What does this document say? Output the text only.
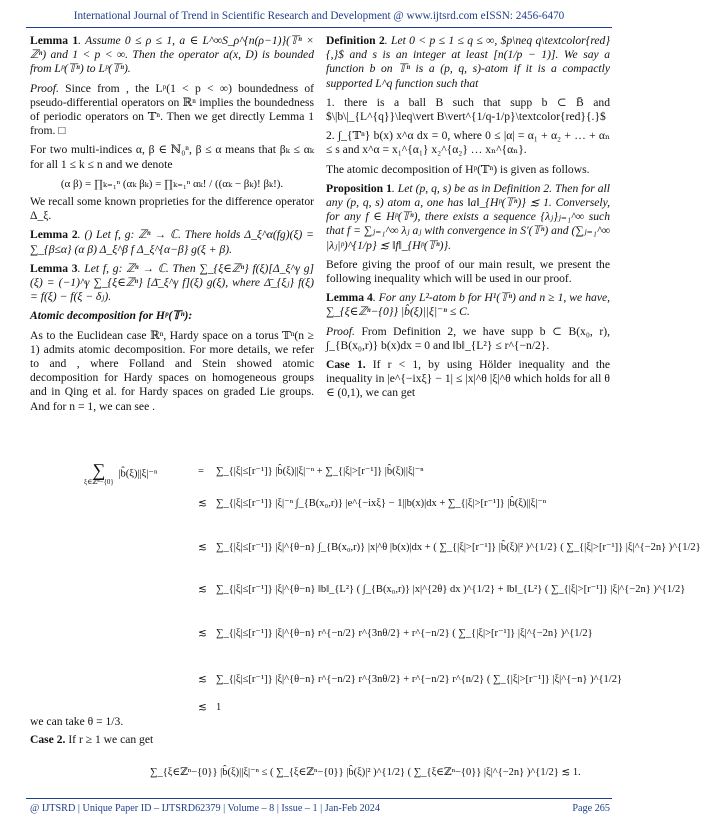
International Journal of Trend in Scientific Research and Development @ www.ijtsrd.com eISSN: 2456-6470

Lemma 1. Assume 0 ≤ ρ ≤ 1, a ∈ L^∞S_ρ^{n(ρ−1)}(𝕋ⁿ × ℤⁿ) and 1 < p < ∞. Then the operator a(x, D) is bounded from Lᵖ(𝕋ⁿ) to Lᵖ(𝕋ⁿ).

Proof. Since from , the Lᵖ(1 < p < ∞) boundedness of pseudo-differential operators on ℝⁿ implies the boundedness of periodic operators on 𝕋ⁿ. Then we get directly Lemma 1 from. □

For two multi-indices α, β ∈ ℕ₀ⁿ, β ≤ α means that βₖ ≤ αₖ for all 1 ≤ k ≤ n and we denote

(α β) = ∏ₖ₌₁ⁿ (αₖ βₖ) = ∏ₖ₌₁ⁿ αₖ! / ((αₖ − βₖ)! βₖ!).

We recall some known proprieties for the difference operator Δ_ξ.

Lemma 2. () Let f, g: ℤⁿ → ℂ. There holds Δ_ξ^α(fg)(ξ) = ∑_{β≤α} (α β) Δ_ξ^β f Δ_ξ^{α−β} g(ξ + β).

Lemma 3. Let f, g: ℤⁿ → ℂ. Then ∑_{ξ∈ℤⁿ} f(ξ)[Δ_ξ^γ g](ξ) = (−1)^γ ∑_{ξ∈ℤⁿ} [Δ̄_ξ^γ f](ξ) g(ξ), where Δ̄_{ξⱼ} f(ξ) = f(ξ) − f(ξ − δⱼ).

Atomic decomposition for Hᵖ(𝕋ⁿ):

As to the Euclidean case ℝⁿ, Hardy space on a torus 𝕋ⁿ(n ≥ 1) admits atomic decomposition. For more details, we refer to and , where Folland and Stein showed atomic decomposition for Hardy spaces on homogeneous groups and in Qing et al. for Hardy spaces on graded Lie groups. And for n = 1, we can see .

Definition 2. Let 0 < p ≤ 1 ≤ q ≤ ∞, $p\neq q\textcolor{red}{,}$ and s is an integer at least [n(1/p − 1)]. We say a function b on 𝕋ⁿ is a (p, q, s)-atom if it is a compactly supported L^q function such that

1. there is a ball B such that supp b ⊂ B̄ and $\|b\|_{L^{q}}\leq\vert B\vert^{1/q-1/p}\textcolor{red}{.}$

2. ∫_{𝕋ⁿ} b(x) x^α dx = 0, where 0 ≤ |α| = α₁ + α₂ + … + αₙ ≤ s and x^α = x₁^{α₁} x₂^{α₂} … xₙ^{αₙ}.

The atomic decomposition of Hᵖ(𝕋ⁿ) is given as follows.

Proposition 1. Let (p, q, s) be as in Definition 2. Then for all any (p, q, s) atom a, one has ‖a‖_{Hᵖ(𝕋ⁿ)} ≲ 1. Conversely, for any f ∈ Hᵖ(𝕋ⁿ), there exists a sequence {λⱼ}ⱼ₌₁^∞ such that f = ∑ⱼ₌₁^∞ λⱼ aⱼ with convergence in S′(𝕋ⁿ) and (∑ⱼ₌₁^∞ |λⱼ|ᵖ)^{1/p} ≲ ‖f‖_{Hᵖ(𝕋ⁿ)}.

Before giving the proof of our main result, we present the following inequality which will be used in our proof.

Lemma 4. For any L²-atom b for H¹(𝕋ⁿ) and n ≥ 1, we have, ∑_{ξ∈ℤⁿ−{0}} |b̂(ξ)||ξ|⁻ⁿ ≤ C.

Proof. From Definition 2, we have supp b ⊂ B(x₀, r), ∫_{B(x₀,r)} b(x)dx = 0 and ‖b‖_{L²} ≤ r^{−n/2}.

Case 1. If r < 1, by using Hölder inequality and the inequality in |e^{−ixξ} − 1| ≤ |x|^θ |ξ|^θ which holds for all θ ∈ (0,1), we can get

∑
ξ∈ℤⁿ−{0}
|b̂(ξ)||ξ|⁻ⁿ	= ∑_{|ξ|≤[r⁻¹]} |b̂(ξ)||ξ|⁻ⁿ + ∑_{|ξ|>[r⁻¹]} |b̂(ξ)||ξ|⁻ⁿ
≲ ∑_{|ξ|≤[r⁻¹]} |ξ|⁻ⁿ ∫_{B(x₀,r)} |e^{−ixξ} − 1||b(x)|dx + ∑_{|ξ|>[r⁻¹]} |b̂(ξ)||ξ|⁻ⁿ
≲ ∑_{|ξ|≤[r⁻¹]} |ξ|^{θ−n} ∫_{B(x₀,r)} |x|^θ |b(x)|dx + ( ∑_{|ξ|>[r⁻¹]} |b̂(ξ)|² )^{1/2} ( ∑_{|ξ|>[r⁻¹]} |ξ|^{−2n} )^{1/2}
≲ ∑_{|ξ|≤[r⁻¹]} |ξ|^{θ−n} ‖b‖_{L²} ( ∫_{B(x₀,r)} |x|^{2θ} dx )^{1/2} + ‖b‖_{L²} ( ∑_{|ξ|>[r⁻¹]} |ξ|^{−2n} )^{1/2}
≲ ∑_{|ξ|≤[r⁻¹]} |ξ|^{θ−n} r^{−n/2} r^{3nθ/2} + r^{−n/2} ( ∑_{|ξ|>[r⁻¹]} |ξ|^{−2n} )^{1/2}
≲ ∑_{|ξ|≤[r⁻¹]} |ξ|^{θ−n} r^{−n/2} r^{3nθ/2} + r^{−n/2} r^{n/2} ( ∑_{|ξ|>[r⁻¹]} |ξ|^{−n} )^{1/2}
≲ 1
we can take θ = 1/3.
Case 2. If r ≥ 1 we can get
∑_{ξ∈ℤⁿ−{0}} |b̂(ξ)||ξ|⁻ⁿ ≤ ( ∑_{ξ∈ℤⁿ−{0}} |b̂(ξ)|² )^{1/2} ( ∑_{ξ∈ℤⁿ−{0}} |ξ|^{−2n} )^{1/2} ≲ 1.
@ IJTSRD | Unique Paper ID – IJTSRD62379 | Volume – 8 | Issue – 1 | Jan-Feb 2024	Page 265
